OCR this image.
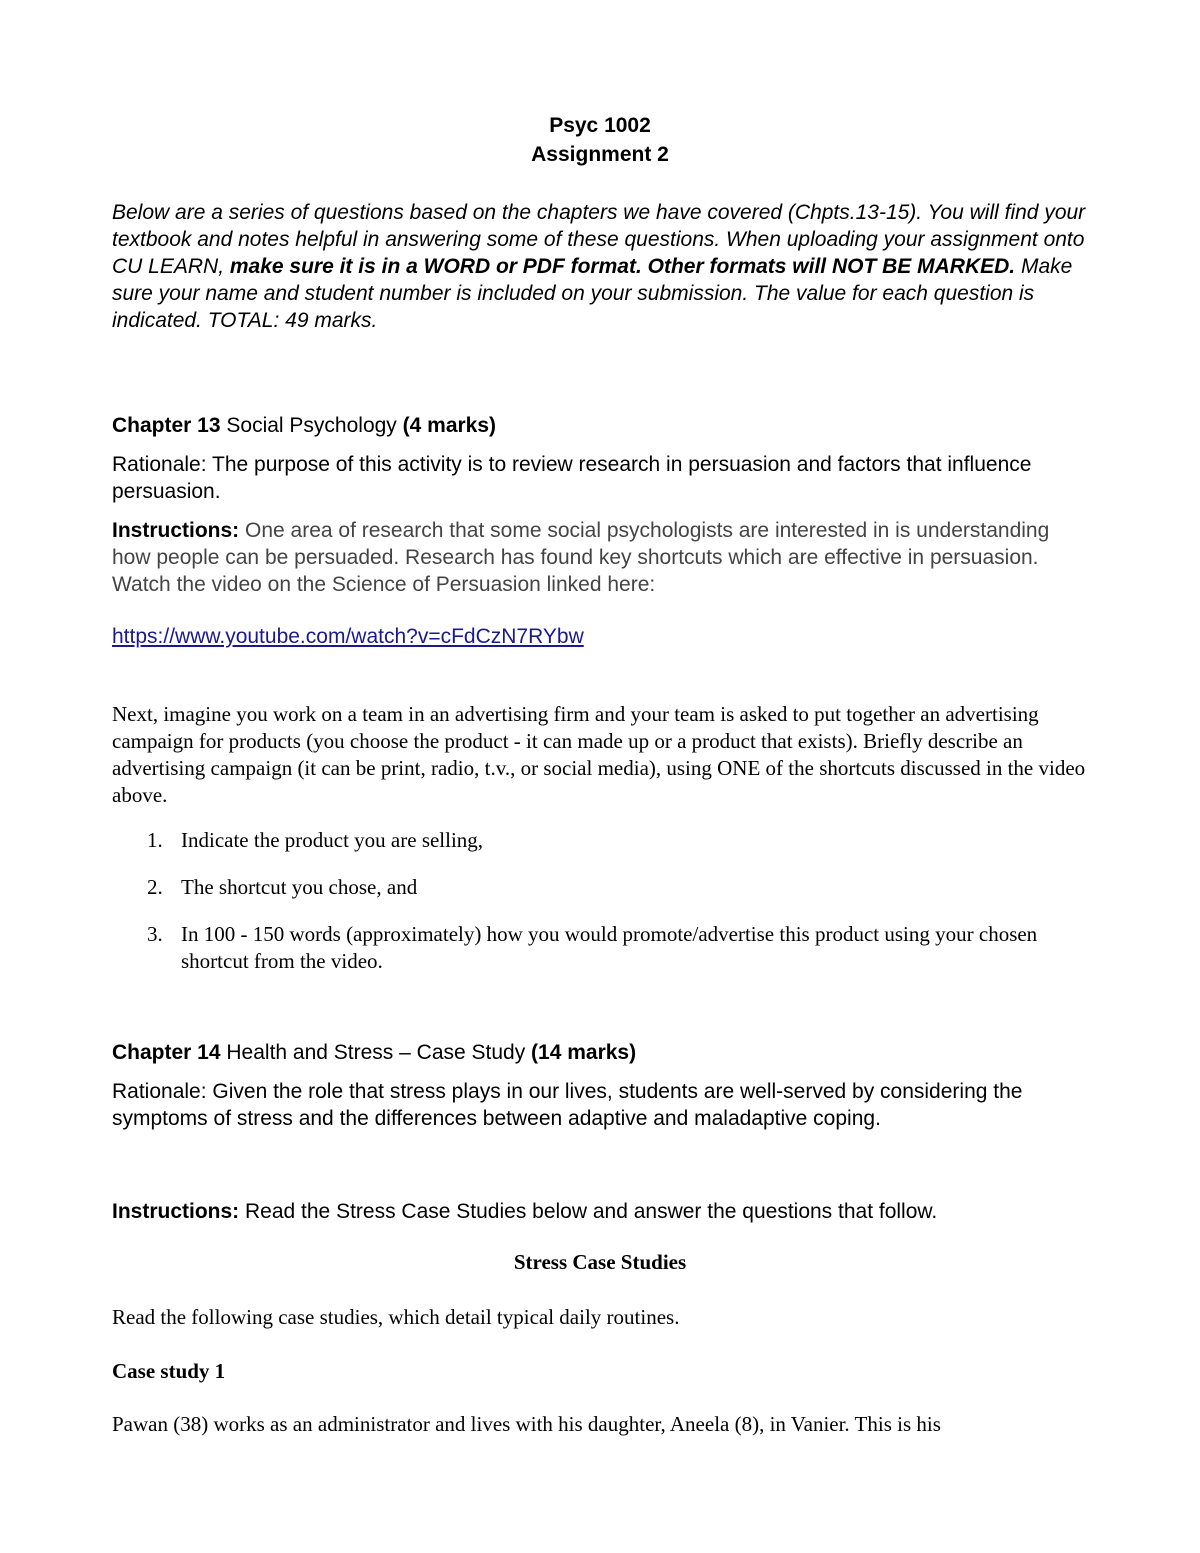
Psyc 1002
Assignment 2
Below are a series of questions based on the chapters we have covered (Chpts.13-15). You will find your textbook and notes helpful in answering some of these questions. When uploading your assignment onto CU LEARN, make sure it is in a WORD or PDF format. Other formats will NOT BE MARKED. Make sure your name and student number is included on your submission. The value for each question is indicated. TOTAL: 49 marks.
Chapter 13 Social Psychology (4 marks)
Rationale: The purpose of this activity is to review research in persuasion and factors that influence persuasion.
Instructions: One area of research that some social psychologists are interested in is understanding how people can be persuaded. Research has found key shortcuts which are effective in persuasion. Watch the video on the Science of Persuasion linked here:
https://www.youtube.com/watch?v=cFdCzN7RYbw
Next, imagine you work on a team in an advertising firm and your team is asked to put together an advertising campaign for products (you choose the product - it can made up or a product that exists). Briefly describe an advertising campaign (it can be print, radio, t.v., or social media), using ONE of the shortcuts discussed in the video above.
1. Indicate the product you are selling,
2. The shortcut you chose, and
3. In 100 - 150 words (approximately) how you would promote/advertise this product using your chosen shortcut from the video.
Chapter 14 Health and Stress – Case Study (14 marks)
Rationale: Given the role that stress plays in our lives, students are well-served by considering the symptoms of stress and the differences between adaptive and maladaptive coping.
Instructions: Read the Stress Case Studies below and answer the questions that follow.
Stress Case Studies
Read the following case studies, which detail typical daily routines.
Case study 1
Pawan (38) works as an administrator and lives with his daughter, Aneela (8), in Vanier. This is his
